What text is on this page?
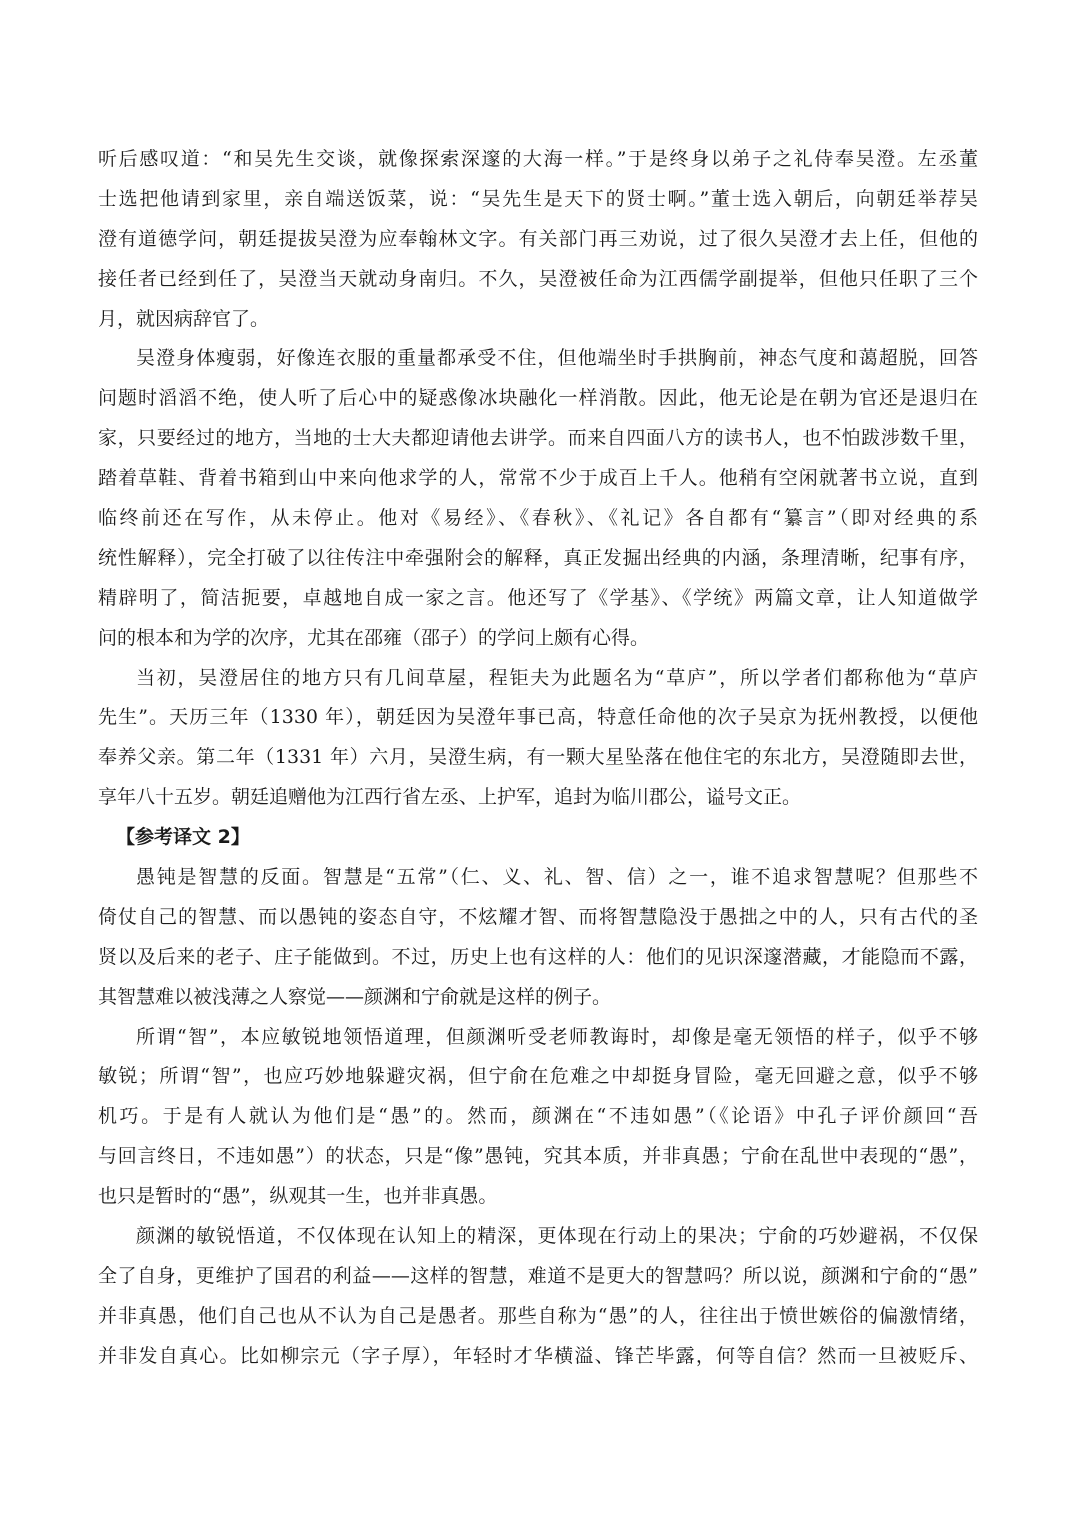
听后感叹道：“和吴先生交谈，就像探索深邃的大海一样。”于是终身以弟子之礼侍奉吴澄。左丞董
士选把他请到家里，亲自端送饭菜，说：“吴先生是天下的贤士啊。”董士选入朝后，向朝廷举荐吴
澄有道德学问，朝廷提拔吴澄为应奉翰林文字。有关部门再三劝说，过了很久吴澄才去上任，但他的
接任者已经到任了，吴澄当天就动身南归。不久，吴澄被任命为江西儒学副提举，但他只任职了三个
月，就因病辞官了。
吴澄身体瘦弱，好像连衣服的重量都承受不住，但他端坐时手拱胸前，神态气度和蔼超脱，回答
问题时滔滔不绝，使人听了后心中的疑惑像冰块融化一样消散。因此，他无论是在朝为官还是退归在
家，只要经过的地方，当地的士大夫都迎请他去讲学。而来自四面八方的读书人，也不怕跋涉数千里，
踏着草鞋、背着书箱到山中来向他求学的人，常常不少于成百上千人。他稍有空闲就著书立说，直到
临终前还在写作，从未停止。他对《易经》、《春秋》、《礼记》各自都有“纂言”（即对经典的系
统性解释），完全打破了以往传注中牵强附会的解释，真正发掘出经典的内涵，条理清晰，纪事有序，
精辟明了，简洁扼要，卓越地自成一家之言。他还写了《学基》、《学统》两篇文章，让人知道做学
问的根本和为学的次序，尤其在邵雍（邵子）的学问上颇有心得。
当初，吴澄居住的地方只有几间草屋，程钜夫为此题名为“草庐”，所以学者们都称他为“草庐
先生”。天历三年（1330 年），朝廷因为吴澄年事已高，特意任命他的次子吴京为抚州教授，以便他
奉养父亲。第二年（1331 年）六月，吴澄生病，有一颗大星坠落在他住宅的东北方，吴澄随即去世，
享年八十五岁。朝廷追赠他为江西行省左丞、上护军，追封为临川郡公，谥号文正。
【参考译文 2】
愚钝是智慧的反面。智慧是“五常”（仁、义、礼、智、信）之一，谁不追求智慧呢？但那些不
倚仗自己的智慧、而以愚钝的姿态自守，不炫耀才智、而将智慧隐没于愚拙之中的人，只有古代的圣
贤以及后来的老子、庄子能做到。不过，历史上也有这样的人：他们的见识深邃潜藏，才能隐而不露，
其智慧难以被浅薄之人察觉——颜渊和宁俞就是这样的例子。
所谓“智”，本应敏锐地领悟道理，但颜渊听受老师教诲时，却像是毫无领悟的样子，似乎不够
敏锐；所谓“智”，也应巧妙地躲避灾祸，但宁俞在危难之中却挺身冒险，毫无回避之意，似乎不够
机巧。于是有人就认为他们是“愚”的。然而，颜渊在“不违如愚”（《论语》中孔子评价颜回“吾
与回言终日，不违如愚”）的状态，只是“像”愚钝，究其本质，并非真愚；宁俞在乱世中表现的“愚”，
也只是暂时的“愚”，纵观其一生，也并非真愚。
颜渊的敏锐悟道，不仅体现在认知上的精深，更体现在行动上的果决；宁俞的巧妙避祸，不仅保
全了自身，更维护了国君的利益——这样的智慧，难道不是更大的智慧吗？所以说，颜渊和宁俞的“愚”
并非真愚，他们自己也从不认为自己是愚者。那些自称为“愚”的人，往往出于愤世嫉俗的偏激情绪，
并非发自真心。比如柳宗元（字子厚），年轻时才华横溢、锋芒毕露，何等自信？然而一旦被贬斥、
